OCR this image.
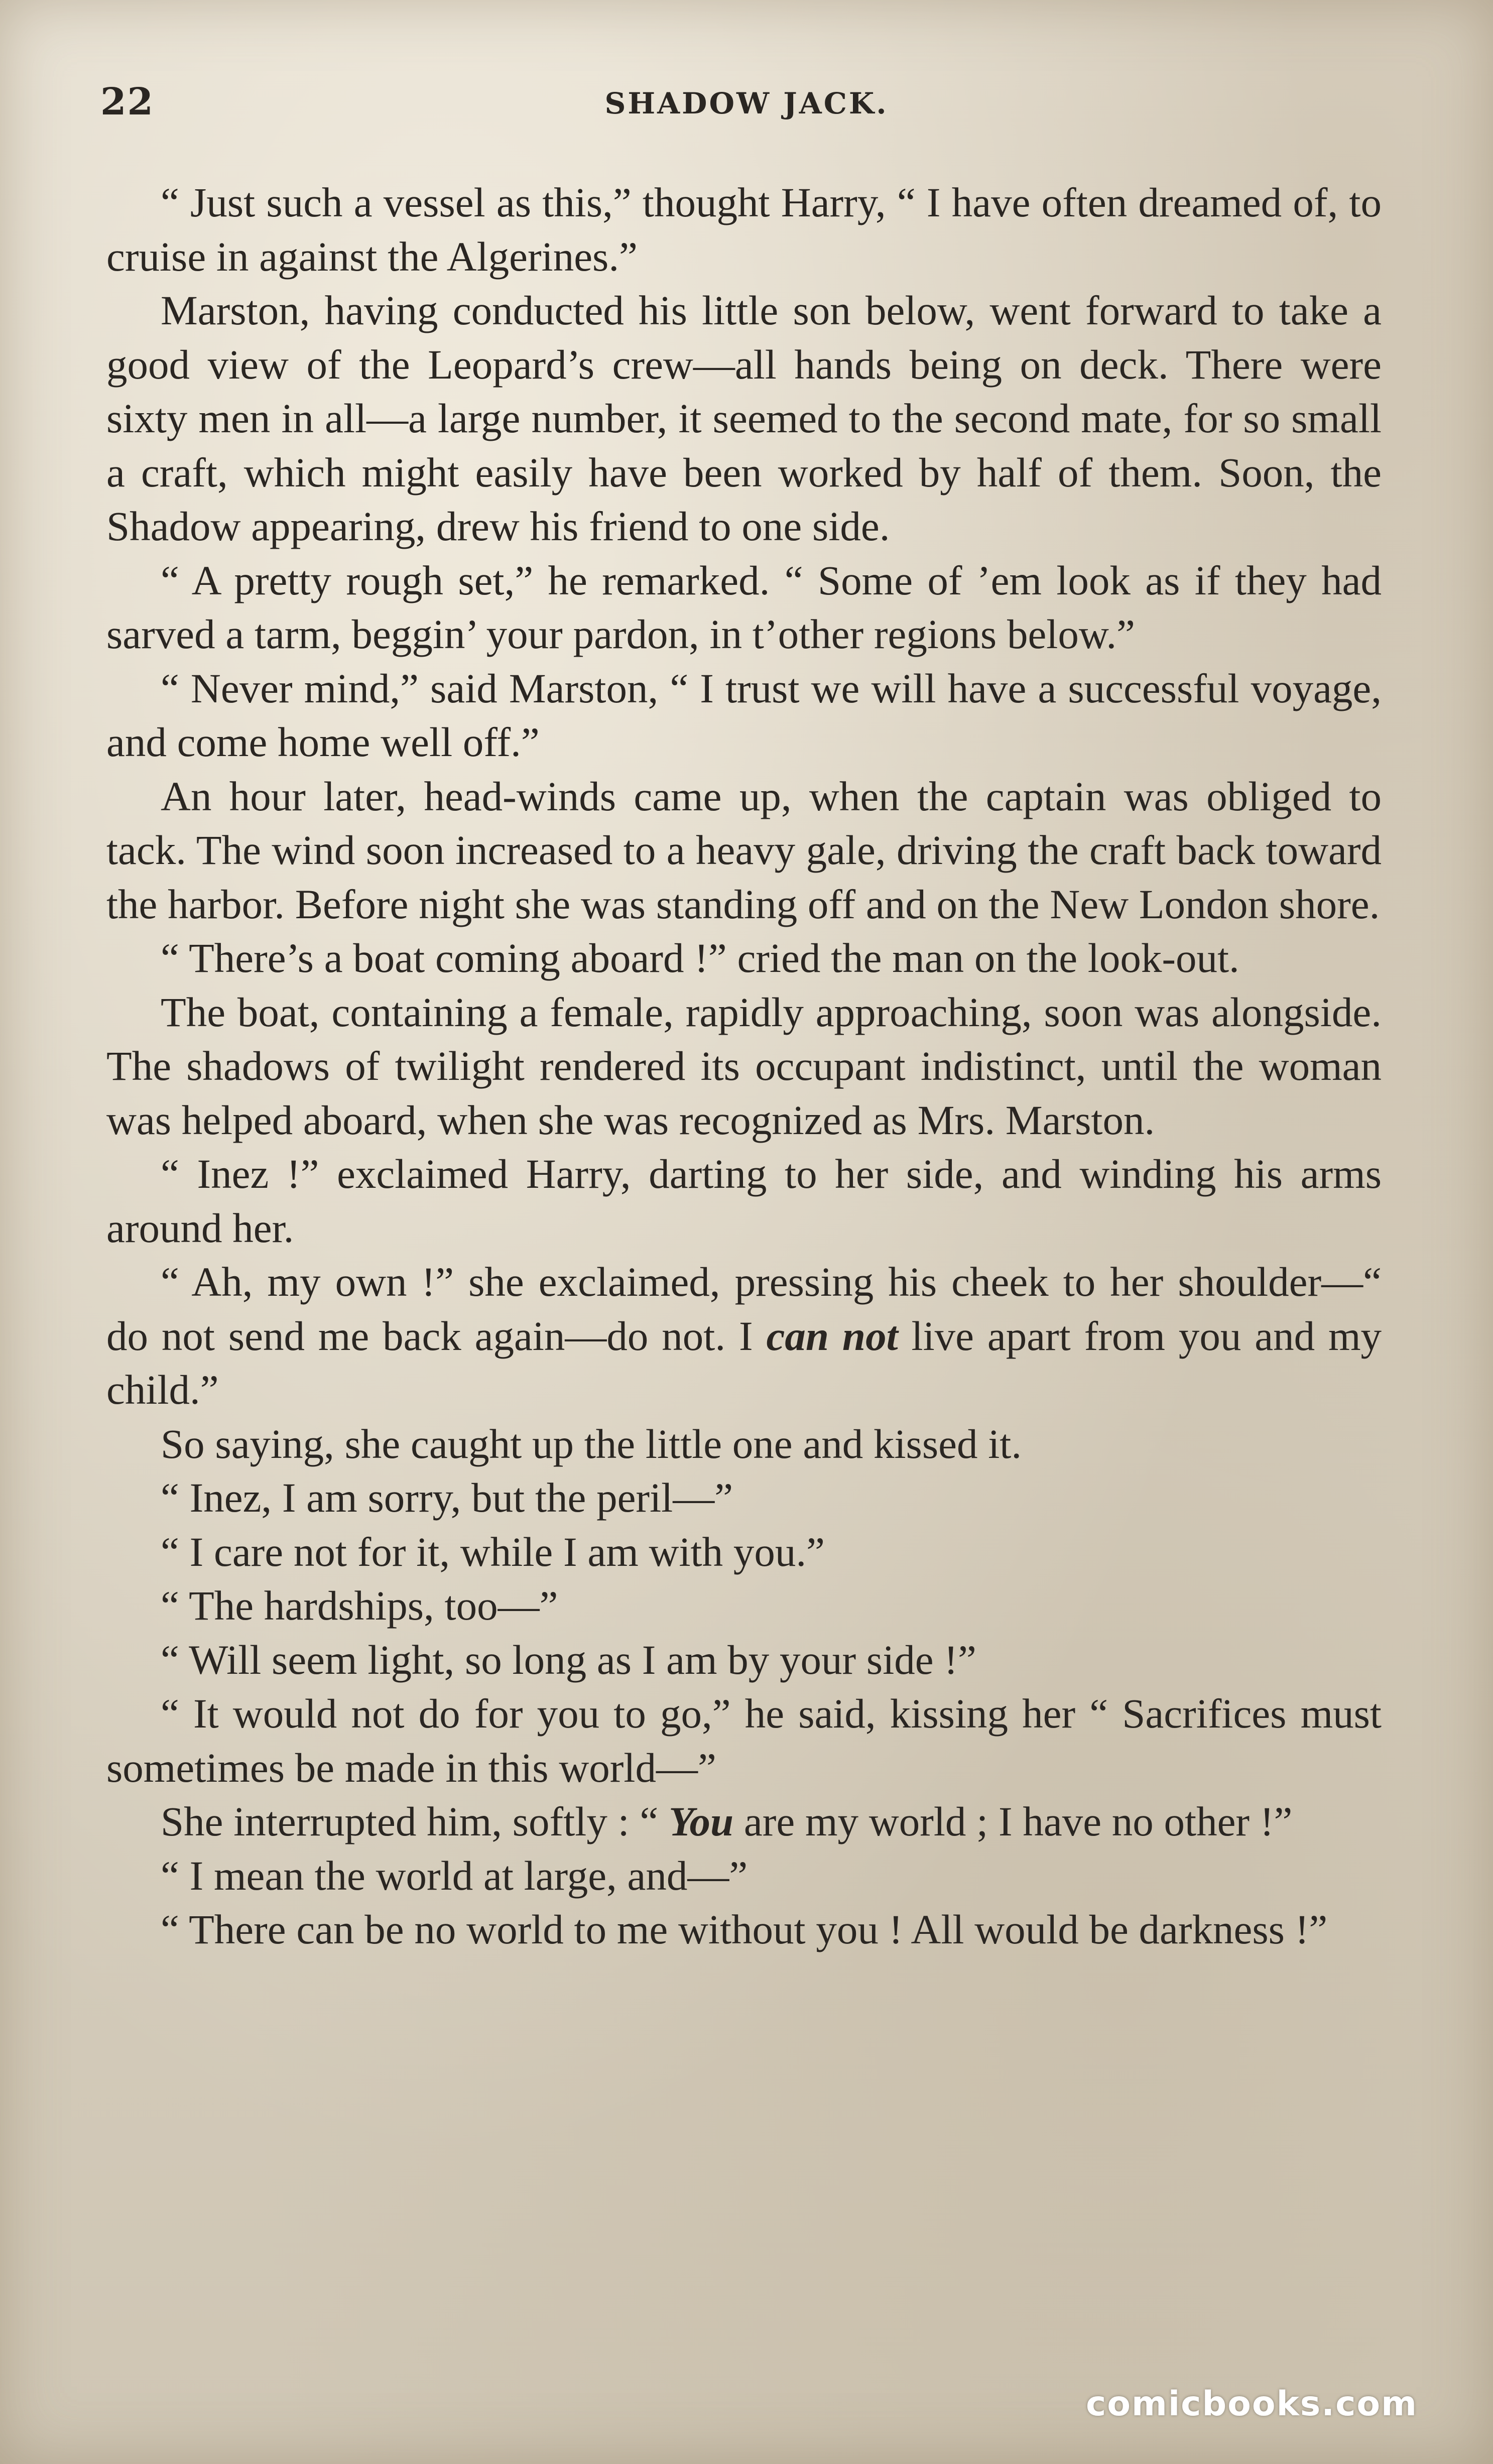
22	SHADOW JACK.

“ Just such a vessel as this,” thought Harry, “ I have often dreamed of, to cruise in against the Algerines.”

Marston, having conducted his little son below, went forward to take a good view of the Leopard’s crew—all hands being on deck. There were sixty men in all—a large number, it seemed to the second mate, for so small a craft, which might easily have been worked by half of them. Soon, the Shadow appearing, drew his friend to one side.

“ A pretty rough set,” he remarked. “ Some of ’em look as if they had sarved a tarm, beggin’ your pardon, in t’other regions below.”

“ Never mind,” said Marston, “ I trust we will have a successful voyage, and come home well off.”

An hour later, head-winds came up, when the captain was obliged to tack. The wind soon increased to a heavy gale, driving the craft back toward the harbor. Before night she was standing off and on the New London shore.

“ There’s a boat coming aboard !” cried the man on the look-out.

The boat, containing a female, rapidly approaching, soon was alongside. The shadows of twilight rendered its occupant indistinct, until the woman was helped aboard, when she was recognized as Mrs. Marston.

“ Inez !” exclaimed Harry, darting to her side, and winding his arms around her.

“ Ah, my own !” she exclaimed, pressing his cheek to her shoulder—“ do not send me back again—do not. I can not live apart from you and my child.”

So saying, she caught up the little one and kissed it.

“ Inez, I am sorry, but the peril—”

“ I care not for it, while I am with you.”

“ The hardships, too—”

“ Will seem light, so long as I am by your side !”

“ It would not do for you to go,” he said, kissing her “ Sacrifices must sometimes be made in this world—”

She interrupted him, softly : “ You are my world ; I have no other !”

“ I mean the world at large, and—”

“ There can be no world to me without you ! All would be darkness !”

comicbooks.com
